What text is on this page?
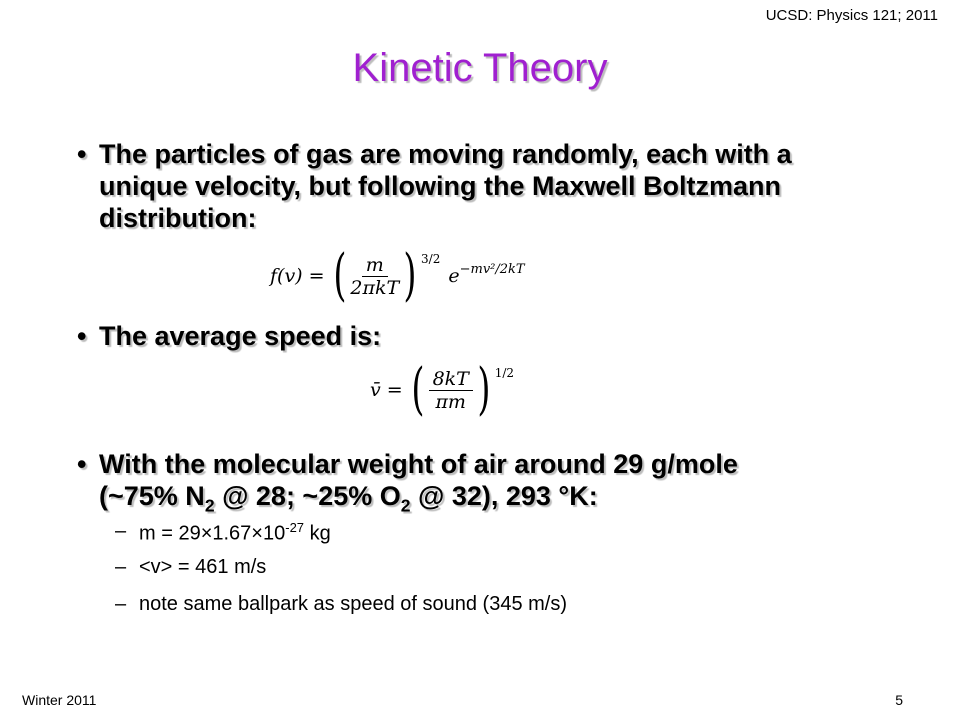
UCSD: Physics 121; 2011
Kinetic Theory
• The particles of gas are moving randomly, each with a unique velocity, but following the Maxwell Boltzmann distribution:
f(v) = ( $\frac{m}{\text{2πkT}}$ ) 3/2
e −mv²/2kT
• The average speed is:
v̄ = ( $\frac{8kT}{\pi m}$ ) 1/2
• With the molecular weight of air around 29 g/mole
(~75% $N_2$ @ 28; ~25% $O_2$ @ 32), 293 °K:
– $m = 29\times 1.67\times 10^{-27}$ kg
– <v> = 461 m/s
– note same ballpark as speed of sound (345 m/s)
Winter 2011	5
